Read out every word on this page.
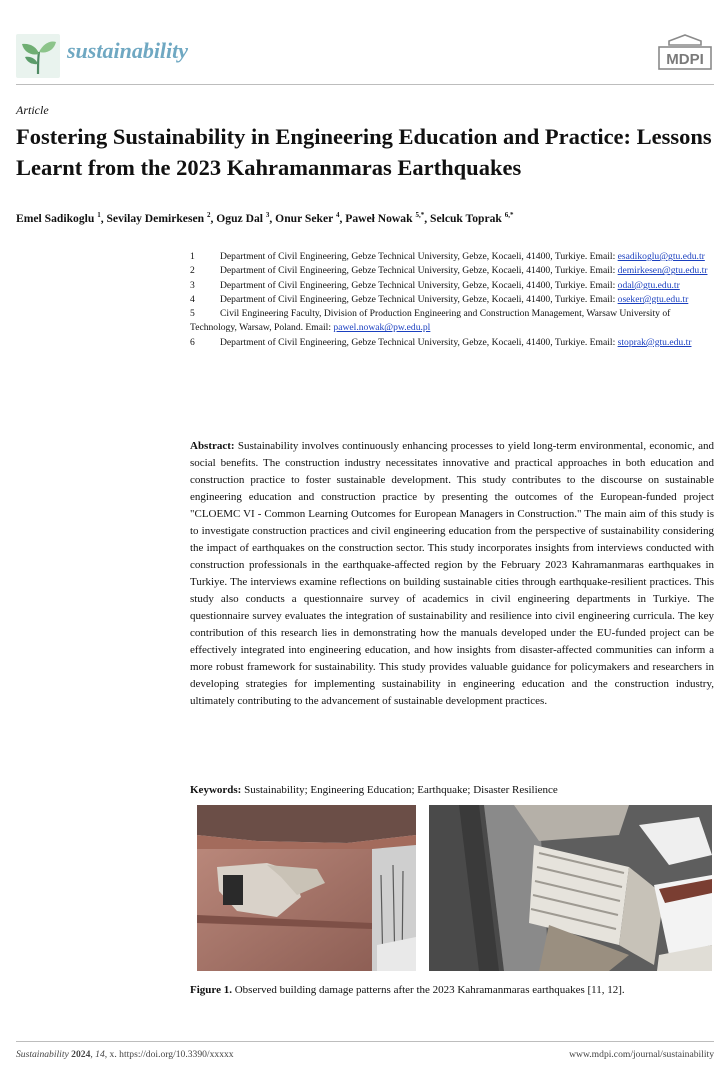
sustainability	MDPI
Article
Fostering Sustainability in Engineering Education and Practice: Lessons Learnt from the 2023 Kahramanmaras Earthquakes
Emel Sadikoglu $^1$, Sevilay Demirkesen $^2$, Oguz Dal $^3$, Onur Seker $^4$, Paweł Nowak $^{5,*}$, Selcuk Toprak $^{6,*}$
1	Department of Civil Engineering, Gebze Technical University, Gebze, Kocaeli, 41400, Turkiye. Email: esadikoglu@gtu.edu.tr
2	Department of Civil Engineering, Gebze Technical University, Gebze, Kocaeli, 41400, Turkiye. Email: demirkesen@gtu.edu.tr
3	Department of Civil Engineering, Gebze Technical University, Gebze, Kocaeli, 41400, Turkiye. Email: odal@gtu.edu.tr
4	Department of Civil Engineering, Gebze Technical University, Gebze, Kocaeli, 41400, Turkiye. Email: oseker@gtu.edu.tr
5	Civil Engineering Faculty, Division of Production Engineering and Construction Management, Warsaw University of Technology, Warsaw, Poland. Email: pawel.nowak@pw.edu.pl
6	Department of Civil Engineering, Gebze Technical University, Gebze, Kocaeli, 41400, Turkiye. Email: stoprak@gtu.edu.tr
Abstract: Sustainability involves continuously enhancing processes to yield long-term environmental, economic, and social benefits. The construction industry necessitates innovative and practical approaches in both education and construction practice to foster sustainable development. This study contributes to the discourse on sustainable engineering education and construction practice by presenting the outcomes of the European-funded project "CLOEMC VI - Common Learning Outcomes for European Managers in Construction." The main aim of this study is to investigate construction practices and civil engineering education from the perspective of sustainability considering the impact of earthquakes on the construction sector. This study incorporates insights from interviews conducted with construction professionals in the earthquake-affected region by the February 2023 Kahramanmaras earthquakes in Turkiye. The interviews examine reflections on building sustainable cities through earthquake-resilient practices. This study also conducts a questionnaire survey of academics in civil engineering departments in Turkiye. The questionnaire survey evaluates the integration of sustainability and resilience into civil engineering curricula. The key contribution of this research lies in demonstrating how the manuals developed under the EU-funded project can be effectively integrated into engineering education, and how insights from disaster-affected communities can inform a more robust framework for sustainability. This study provides valuable guidance for policymakers and researchers in developing strategies for implementing sustainability in engineering education and the construction industry, ultimately contributing to the advancement of sustainable development practices.
Keywords: Sustainability; Engineering Education; Earthquake; Disaster Resilience
Figure 1. Observed building damage patterns after the 2023 Kahramanmaras earthquakes [11, 12].
Sustainability 2024, 14, x. https://doi.org/10.3390/xxxxx	www.mdpi.com/journal/sustainability
